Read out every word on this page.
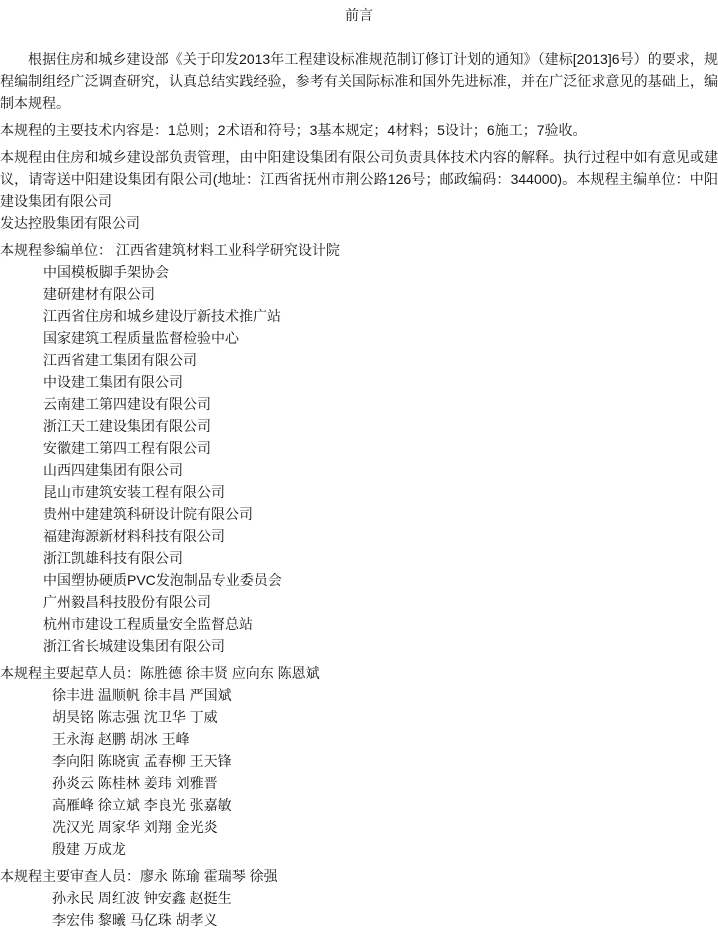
前言

根据住房和城乡建设部《关于印发2013年工程建设标准规范制订修订计划的通知》（建标[2013]6号）的要求，规程编制组经广泛调查研究，认真总结实践经验，参考有关国际标准和国外先进标准，并在广泛征求意见的基础上，编制本规程。

本规程的主要技术内容是：1总则；2术语和符号；3基本规定；4材料；5设计；6施工；7验收。

本规程由住房和城乡建设部负责管理，由中阳建设集团有限公司负责具体技术内容的解释。执行过程中如有意见或建议，请寄送中阳建设集团有限公司(地址：江西省抚州市荆公路126号；邮政编码：344000)。本规程主编单位：中阳建设集团有限公司

发达控股集团有限公司
本规程参编单位： 江西省建筑材料工业科学研究设计院
中国模板脚手架协会
建研建材有限公司
江西省住房和城乡建设厅新技术推广站
国家建筑工程质量监督检验中心
江西省建工集团有限公司
中设建工集团有限公司
云南建工第四建设有限公司
浙江天工建设集团有限公司
安徽建工第四工程有限公司
山西四建集团有限公司
昆山市建筑安装工程有限公司
贵州中建建筑科研设计院有限公司
福建海源新材料科技有限公司
浙江凯雄科技有限公司
中国塑协硬质PVC发泡制品专业委员会
广州毅昌科技股份有限公司
杭州市建设工程质量安全监督总站
浙江省长城建设集团有限公司
本规程主要起草人员：陈胜德 徐丰贤 应向东 陈恩斌
徐丰进 温顺帆 徐丰昌 严国斌
胡昊铭 陈志强 沈卫华 丁威
王永海 赵鹏 胡冰 王峰
李向阳 陈晓寅 孟春柳 王天锋
孙炎云 陈桂林 姜玮 刘雅晋
高雁峰 徐立斌 李良光 张嘉敏
冼汉光 周家华 刘翔 金光炎
殷建 万成龙
本规程主要审查人员：廖永 陈瑜 霍瑞琴 徐强
孙永民 周红波 钟安鑫 赵挺生
李宏伟 黎曦 马亿珠 胡孝义
